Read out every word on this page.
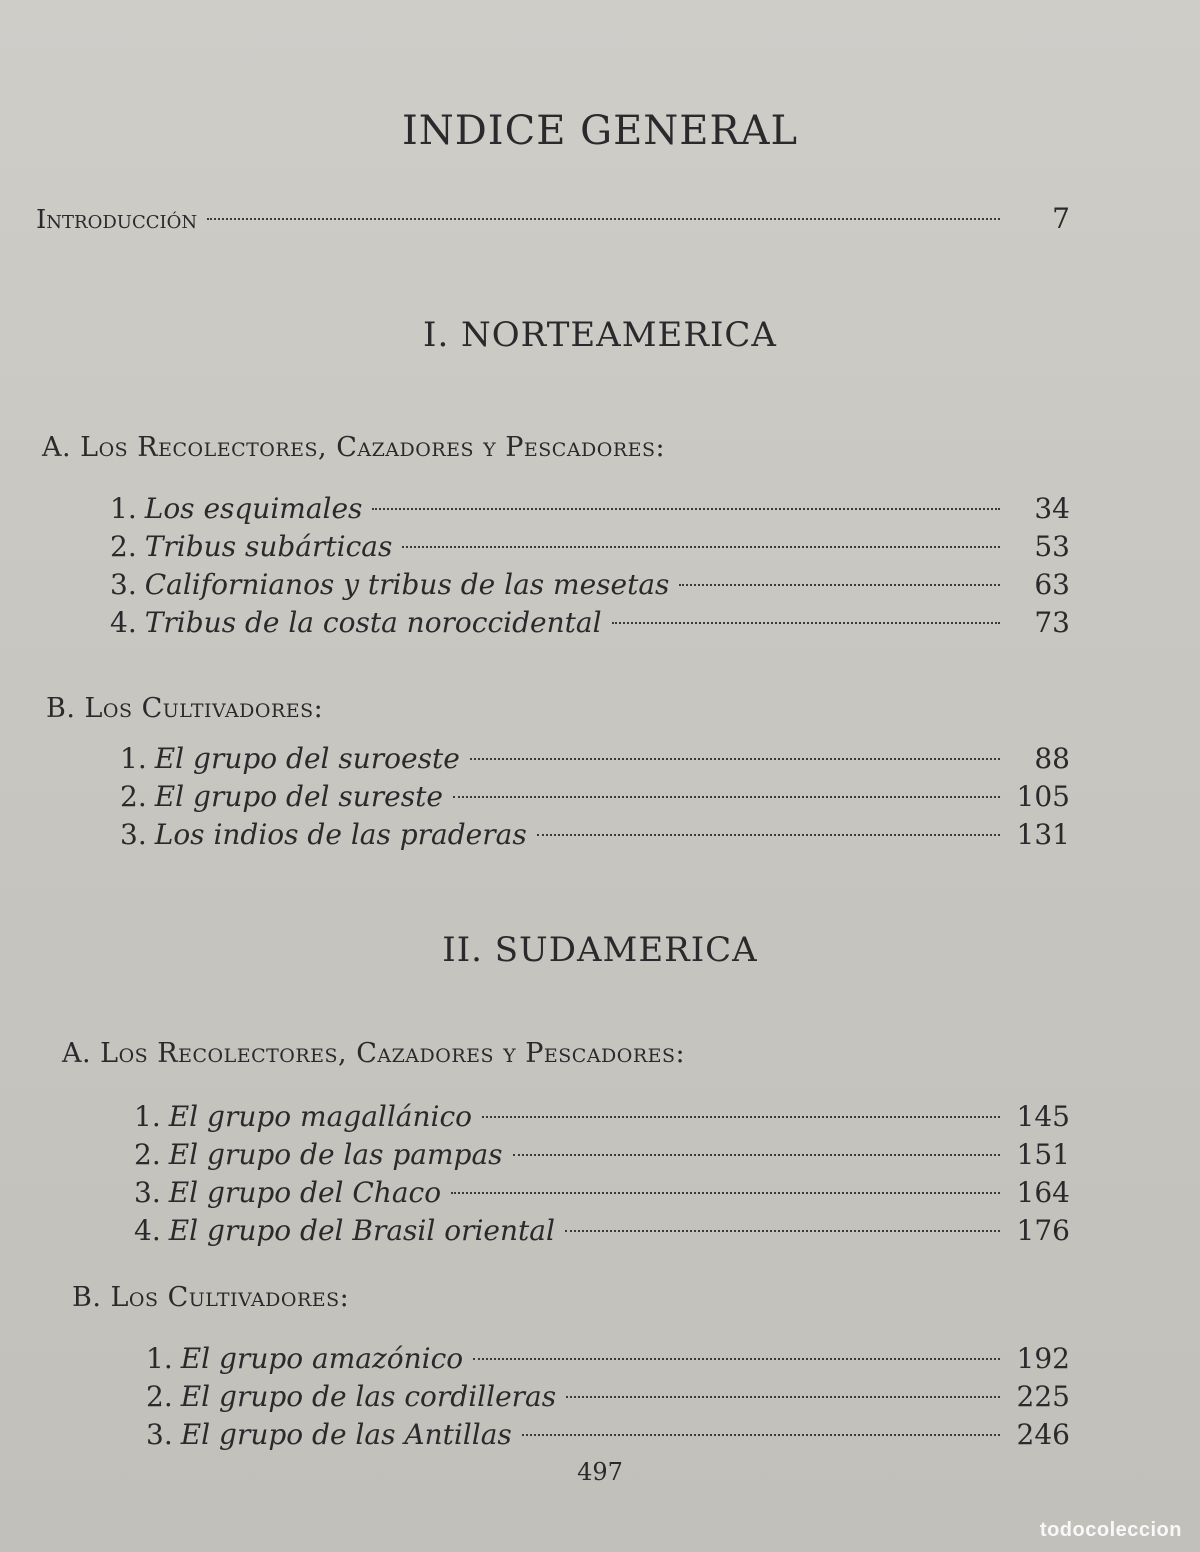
INDICE GENERAL
Introducción	7
I. NORTEAMERICA
A. Los Recolectores, Cazadores y Pescadores:
1. Los esquimales	34
2. Tribus subárticas	53
3. Californianos y tribus de las mesetas	63
4. Tribus de la costa noroccidental	73
B. Los Cultivadores:
1. El grupo del suroeste	88
2. El grupo del sureste	105
3. Los indios de las praderas	131
II. SUDAMERICA
A. Los Recolectores, Cazadores y Pescadores:
1. El grupo magallánico	145
2. El grupo de las pampas	151
3. El grupo del Chaco	164
4. El grupo del Brasil oriental	176
B. Los Cultivadores:
1. El grupo amazónico	192
2. El grupo de las cordilleras	225
3. El grupo de las Antillas	246
497
todocoleccion
